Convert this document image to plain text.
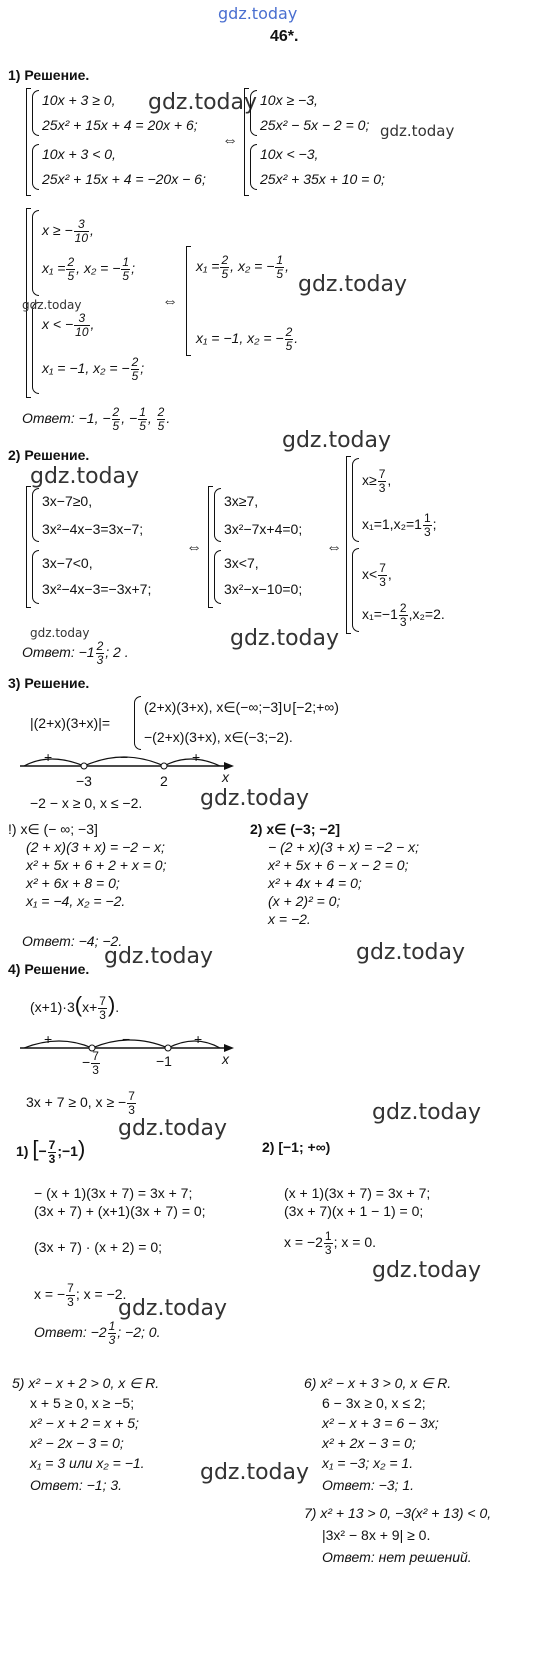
gdz.today
46*.
1) Решение.
10x + 3 ≥ 0,
25x² + 15x + 4 = 20x + 6;
10x + 3 < 0,
25x² + 15x + 4 = −20x − 6;
gdz.today
⇔
10x ≥ −3,
25x² − 5x − 2 = 0;
10x < −3,
25x² + 35x + 10 = 0;
gdz.today
x ≥ − $\frac{3}{10}$ ,
$x_1 = \frac{2}{5}$ , x₂ = − $\frac{1}{5}$ ;
gdz.today
x < − $\frac{3}{10}$ ,
x₁ = −1, x₂ = − $\frac{2}{5}$ ;
⇔
$x_1 = \frac{2}{5}$ , x₂ = − $\frac{1}{5}$ ,
gdz.today
x₁ = −1, x₂ = − $\frac{2}{5}$ .
Ответ: −1, − $\frac{2}{5}$ , − $\frac{1}{5}$ , $\frac{2}{5}$ .
gdz.today
2) Решение.
gdz.today
3x−7≥0,
3x²−4x−3=3x−7;
3x−7<0,
3x²−4x−3=−3x+7;
⇔
3x≥7,
3x²−7x+4=0;
3x<7,
3x²−x−10=0;
⇔
$x\ge \frac{7}{3}$ ,
$x_1=1,x_2=1 \frac{1}{3}$ ;
$x< \frac{7}{3}$ ,
$x_1=-1 \frac{2}{3} ,x_2=2$.
gdz.today	gdz.today
Ответ: $-1 \frac{2}{3}$ ; 2 .
3) Решение.
|(2+x)(3+x)|=
(2+x)(3+x), x∈(−∞;−3]∪[−2;+∞)
−(2+x)(3+x), x∈(−3;−2).
+	−	+
−3	2	x
−2 − x ≥ 0, x ≤ −2.	gdz.today
!) x∈ (− ∞; −3]
(2 + x)(3 + x) = −2 − x;
x² + 5x + 6 + 2 + x = 0;
x² + 6x + 8 = 0;
x₁ = −4, x₂ = −2.
2) x∈ (−3; −2]
− (2 + x)(3 + x) = −2 − x;
x² + 5x + 6 − x − 2 = 0;
x² + 4x + 4 = 0;
(x + 2)² = 0;
x = −2.
Ответ: −4; −2.
gdz.today	gdz.today
4) Решение.
$(x+1)\cdot 3(x+ \frac{7}{3}$ ).
+	−	+
− $\frac{7}{3}$	−1	x
3x + 7 ≥ 0, x ≥ − $\frac{7}{3}$	gdz.today
gdz.today
1) [− $\frac{7}{3}$ ;−1)
− (x + 1)(3x + 7) = 3x + 7;
(3x + 7) + (x+1)(3x + 7) = 0;
(3x + 7) · (x + 2) = 0;
x = − $\frac{7}{3}$ ; x = −2.
2) [−1; +∞)
(x + 1)(3x + 7) = 3x + 7;
(3x + 7)(x + 1 − 1) = 0;
$x = -2 \frac{1}{3}$ ; x = 0.
gdz.today
gdz.today
Ответ: $-2 \frac{1}{3}$ ; −2; 0.
5) x² − x + 2 > 0, x ∈ R.
x + 5 ≥ 0, x ≥ −5;
x² − x + 2 = x + 5;
x² − 2x − 3 = 0;
x₁ = 3 или x₂ = −1.
Ответ: −1; 3.
6) x² − x + 3 > 0, x ∈ R.
6 − 3x ≥ 0, x ≤ 2;
x² − x + 3 = 6 − 3x;
x² + 2x − 3 = 0;
x₁ = −3; x₂ = 1.
gdz.today Ответ: −3; 1.
7) x² + 13 > 0, −3(x² + 13) < 0,
|3x² − 8x + 9| ≥ 0.
Ответ: нет решений.
